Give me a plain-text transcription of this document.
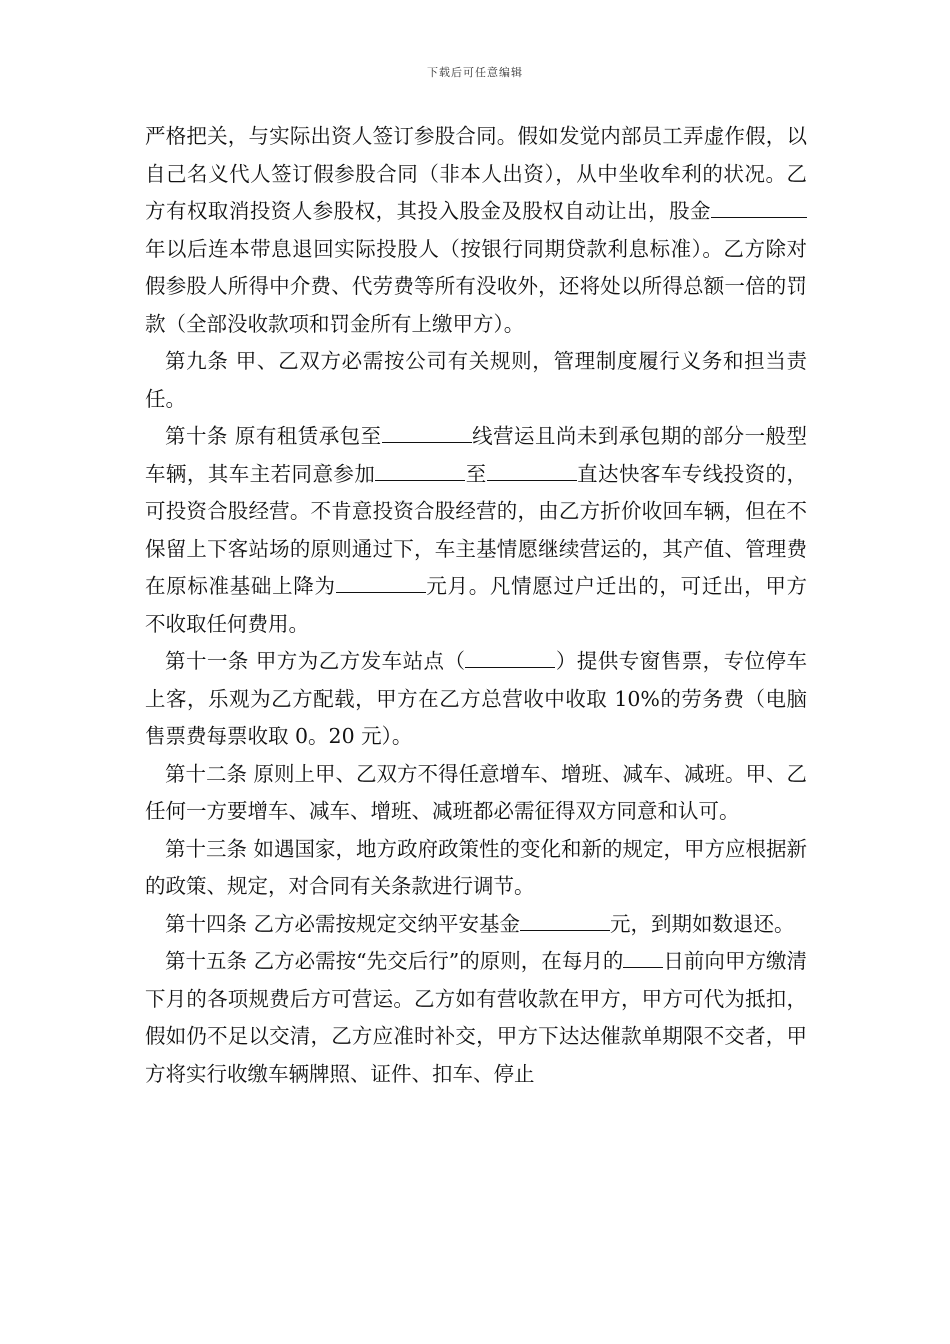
下载后可任意编辑

严格把关，与实际出资人签订参股合同。假如发觉内部员工弄虚作假，以自己名义代人签订假参股合同（非本人出资），从中坐收牟利的状况。乙方有权取消投资人参股权，其投入股金及股权自动让出，股金年以后连本带息退回实际投股人（按银行同期贷款利息标准）。乙方除对假参股人所得中介费、代劳费等所有没收外，还将处以所得总额一倍的罚款（全部没收款项和罚金所有上缴甲方）。

第九条 甲、乙双方必需按公司有关规则，管理制度履行义务和担当责任。

第十条 原有租赁承包至	线营运且尚未到承包期的部分一般型车辆，其车主若同意参加	至	直达快客车专线投资的，可投资合股经营。不肯意投资合股经营的，由乙方折价收回车辆，但在不保留上下客站场的原则通过下，车主基情愿继续营运的，其产值、管理费在原标准基础上降为	元月。凡情愿过户迁出的，可迁出，甲方不收取任何费用。

第十一条 甲方为乙方发车站点（	）提供专窗售票，专位停车上客，乐观为乙方配载，甲方在乙方总营收中收取 10%的劳务费（电脑售票费每票收取 0。20 元）。

第十二条 原则上甲、乙双方不得任意增车、增班、减车、减班。甲、乙任何一方要增车、减车、增班、减班都必需征得双方同意和认可。

第十三条 如遇国家，地方政府政策性的变化和新的规定，甲方应根据新的政策、规定，对合同有关条款进行调节。

第十四条 乙方必需按规定交纳平安基金	元，到期如数退还。

第十五条 乙方必需按“先交后行”的原则，在每月的 日前向甲方缴清下月的各项规费后方可营运。乙方如有营收款在甲方，甲方可代为抵扣，假如仍不足以交清，乙方应准时补交，甲方下达达催款单期限不交者，甲方将实行收缴车辆牌照、证件、扣车、停止
